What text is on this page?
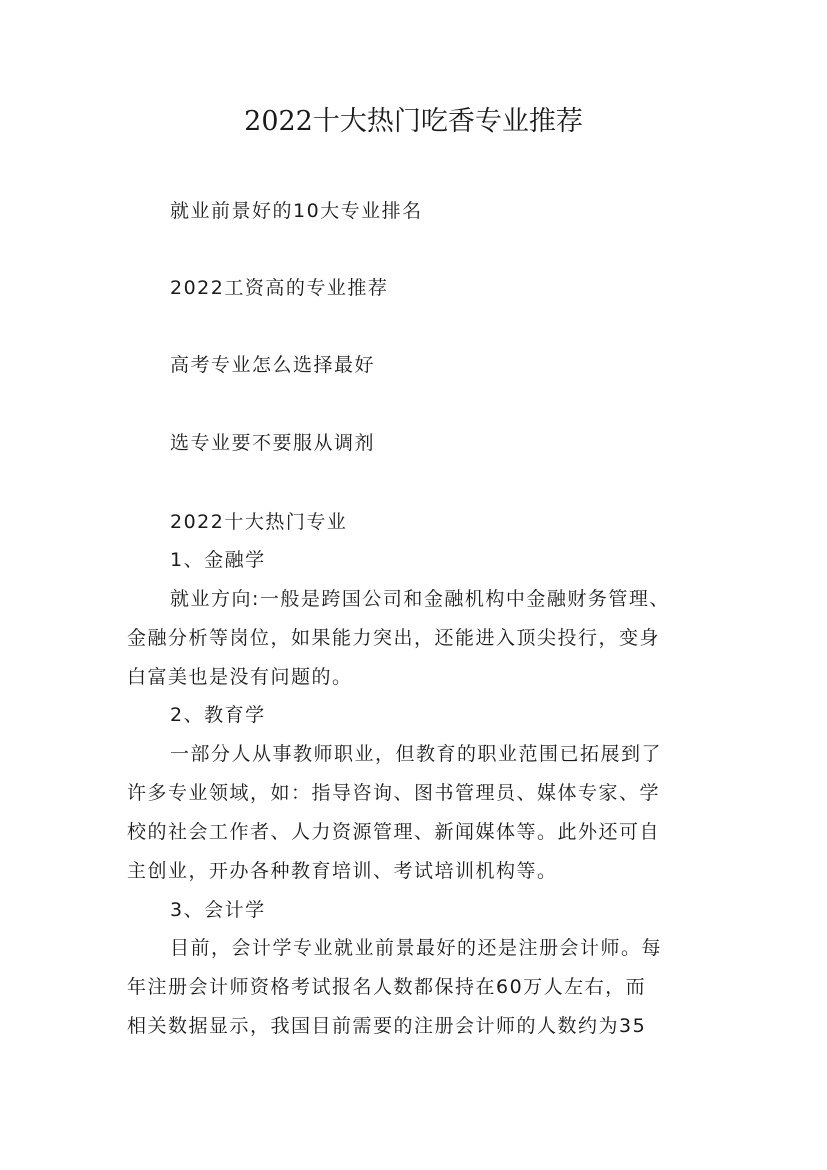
2022十大热门吃香专业推荐
就业前景好的10大专业排名
2022工资高的专业推荐
高考专业怎么选择最好
选专业要不要服从调剂
2022十大热门专业
1、金融学
就业方向:一般是跨国公司和金融机构中金融财务管理、
金融分析等岗位，如果能力突出，还能进入顶尖投行，变身
白富美也是没有问题的。
2、教育学
一部分人从事教师职业，但教育的职业范围已拓展到了
许多专业领域，如：指导咨询、图书管理员、媒体专家、学
校的社会工作者、人力资源管理、新闻媒体等。此外还可自
主创业，开办各种教育培训、考试培训机构等。
3、会计学
目前，会计学专业就业前景最好的还是注册会计师。每
年注册会计师资格考试报名人数都保持在60万人左右，而
相关数据显示，我国目前需要的注册会计师的人数约为35
